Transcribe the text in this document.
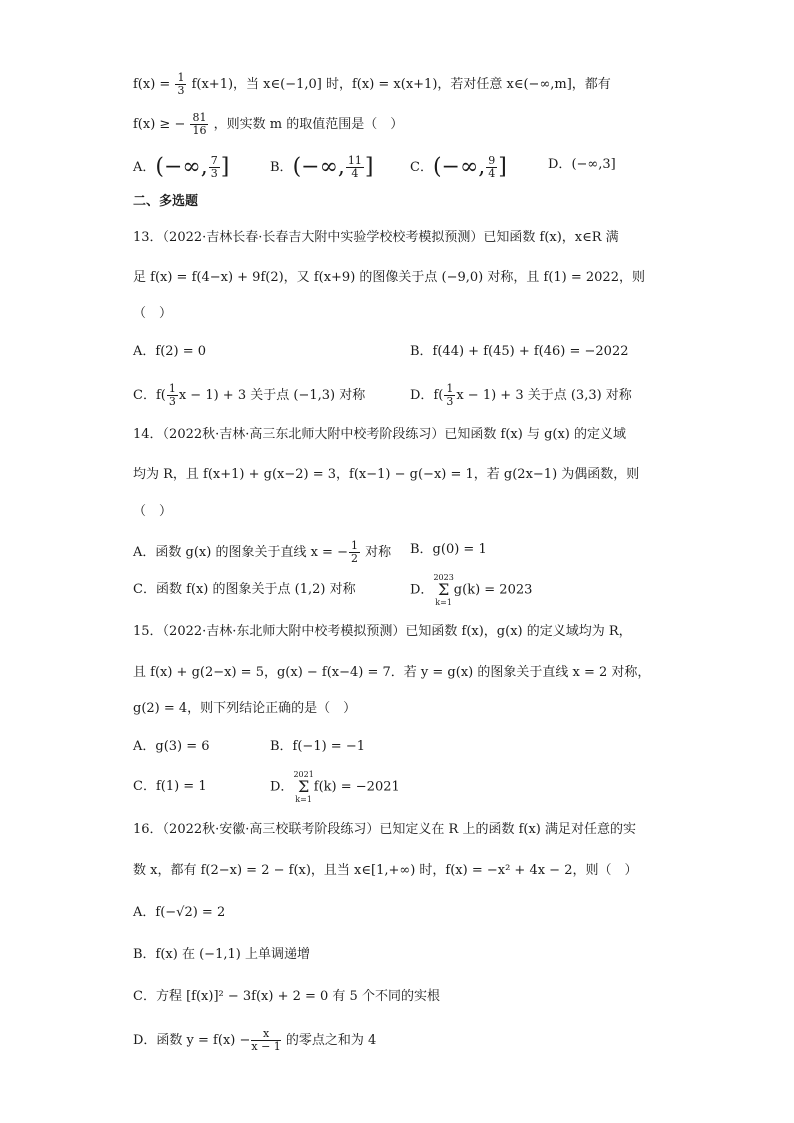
$f(x) = \frac{1}{3} f(x+1)$，当 x∈(−1,0] 时，f(x) = x(x+1)，若对任意 x∈(−∞,m]，都有
f(x) ≥ − $\frac{81}{16}$ ，则实数 m 的取值范围是（　）
A．(−∞, $\frac{7}{3}$ ]	B．(−∞, $\frac{11}{4}$ ]	C．(−∞, $\frac{9}{4}$ ]	D．(−∞,3]
二、多选题
13．（2022·吉林长春·长春吉大附中实验学校校考模拟预测）已知函数 f(x)，x∈R 满
足 f(x) = f(4−x) + 9f(2)，又 f(x+9) 的图像关于点 (−9,0) 对称，且 f(1) = 2022，则
（　）
A．f(2) = 0	B．f(44) + f(45) + f(46) = −2022
C．$f( \frac{1}{3}$ x − 1) + 3 关于点 (−1,3) 对称	D．$f( \frac{1}{3}$ x − 1) + 3 关于点 (3,3) 对称
14．（2022秋·吉林·高三东北师大附中校考阶段练习）已知函数 f(x) 与 g(x) 的定义域
均为 R，且 f(x+1) + g(x−2) = 3，f(x−1) − g(−x) = 1，若 g(2x−1) 为偶函数，则
（　）
A．函数 g(x) 的图象关于直线 x = − $\frac{1}{2}$ 对称 B．g(0) = 1
C．函数 f(x) 的图象关于点 (1,2) 对称	D．
2023
Σ
k=1
g(k) = 2023
15．（2022·吉林·东北师大附中校考模拟预测）已知函数 f(x)，g(x) 的定义域均为 R，
且 f(x) + g(2−x) = 5，g(x) − f(x−4) = 7．若 y = g(x) 的图象关于直线 x = 2 对称，
g(2) = 4，则下列结论正确的是（　）
A．g(3) = 6	B．f(−1) = −1
C．f(1) = 1	D．
2021
Σ
k=1
f(k) = −2021
16．（2022秋·安徽·高三校联考阶段练习）已知定义在 R 上的函数 f(x) 满足对任意的实
数 x，都有 f(2−x) = 2 − f(x)，且当 x∈[1,+∞) 时，f(x) = −x² + 4x − 2，则（　）
A．f(−√2) = 2
B．f(x) 在 (−1,1) 上单调递增
C．方程 [f(x)]² − 3f(x) + 2 = 0 有 5 个不同的实根
D．函数 $y = f(x) - \frac{x}{x - 1}$ 的零点之和为 4
